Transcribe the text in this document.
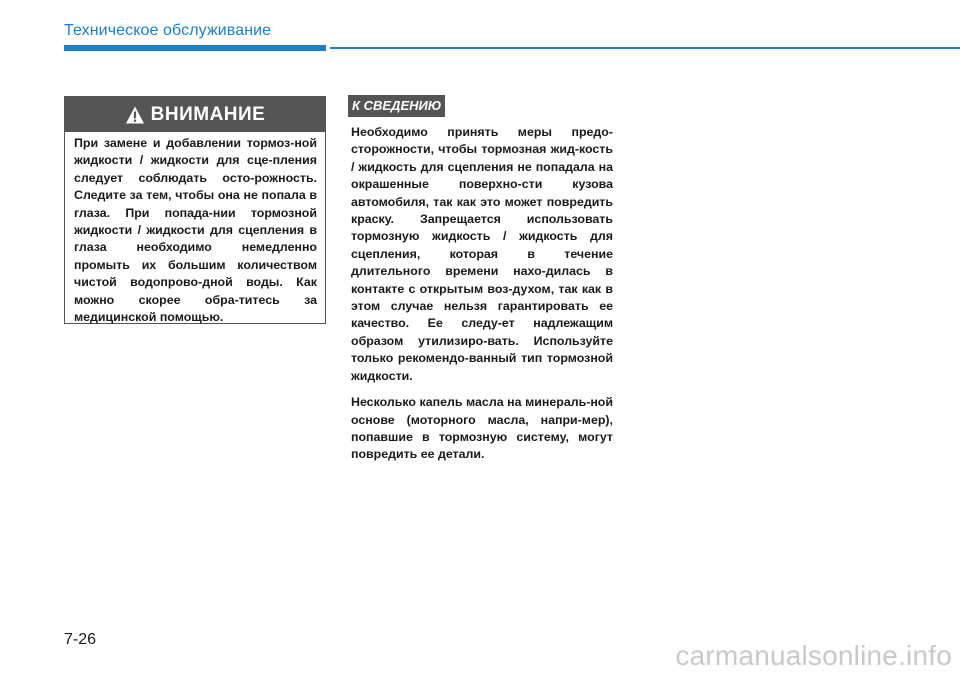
Техническое обслуживание
ВНИМАНИЕ
При замене и добавлении тормоз-ной жидкости / жидкости для сце-пления следует соблюдать осто-рожность. Следите за тем, чтобы она не попала в глаза. При попада-нии тормозной жидкости / жидкости для сцепления в глаза необходимо немедленно промыть их большим количеством чистой водопрово-дной воды. Как можно скорее обра-титесь за медицинской помощью.
К СВЕДЕНИЮ

Необходимо принять меры предо-сторожности, чтобы тормозная жид-кость / жидкость для сцепления не попадала на окрашенные поверхно-сти кузова автомобиля, так как это может повредить краску. Запрещается использовать тормозную жидкость / жидкость для сцепления, которая в течение длительного времени нахо-дилась в контакте с открытым воз-духом, так как в этом случае нельзя гарантировать ее качество. Ее следу-ет надлежащим образом утилизиро-вать. Используйте только рекомендо-ванный тип тормозной жидкости.

Несколько капель масла на минераль-ной основе (моторного масла, напри-мер), попавшие в тормозную систему, могут повредить ее детали.

7-26
carmanualsonline.info
